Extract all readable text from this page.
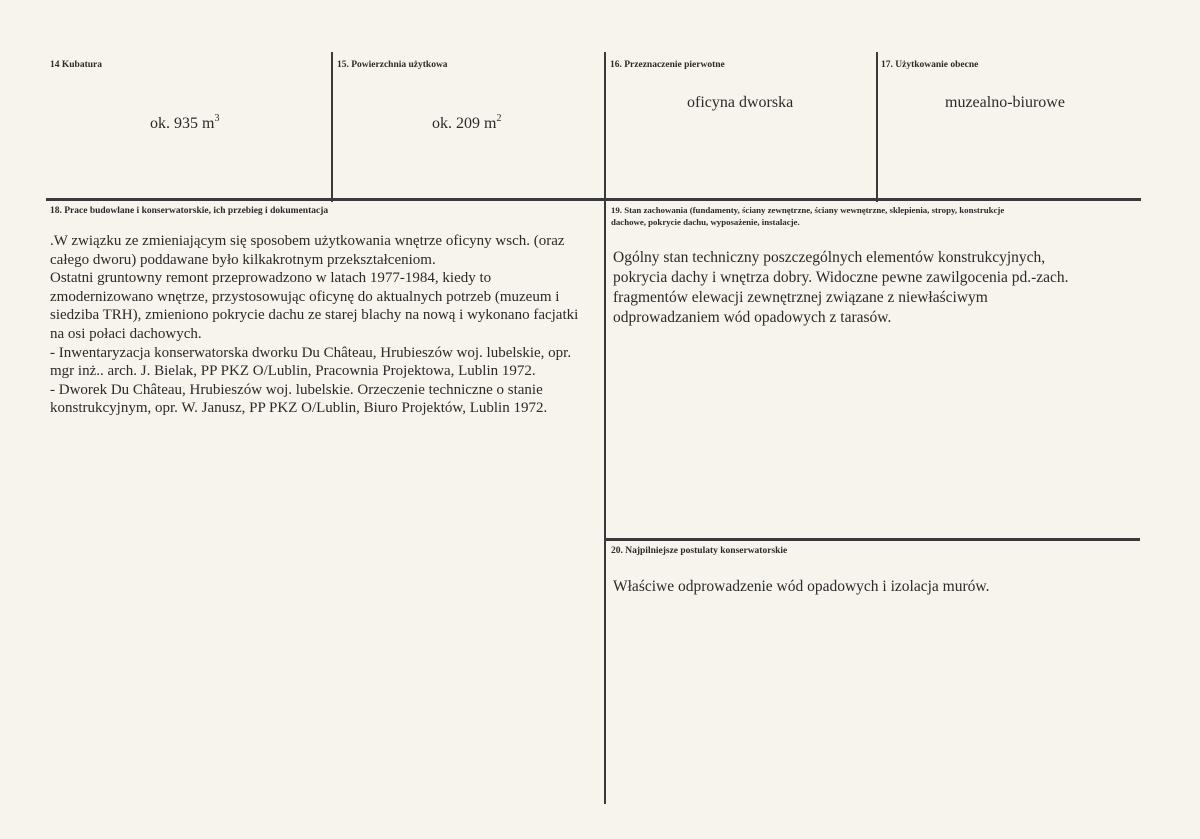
14 Kubatura
ok. 935 $m^3$
15. Powierzchnia użytkowa
ok. 209 $m^2$
16. Przeznaczenie pierwotne
oficyna dworska
17. Użytkowanie obecne
muzealno-biurowe
18. Prace budowlane i konserwatorskie, ich przebieg i dokumentacja
.W związku ze zmieniającym się sposobem użytkowania wnętrze oficyny wsch. (oraz
całego dworu) poddawane było kilkakrotnym przekształceniom.
Ostatni gruntowny remont przeprowadzono w latach 1977-1984, kiedy to
zmodernizowano wnętrze, przystosowując oficynę do aktualnych potrzeb (muzeum i
siedziba TRH), zmieniono pokrycie dachu ze starej blachy na nową i wykonano facjatki
na osi połaci dachowych.
- Inwentaryzacja konserwatorska dworku Du Château, Hrubieszów woj. lubelskie, opr.
mgr inż.. arch. J. Bielak, PP PKZ O/Lublin, Pracownia Projektowa, Lublin 1972.
- Dworek Du Château, Hrubieszów woj. lubelskie. Orzeczenie techniczne o stanie
konstrukcyjnym, opr. W. Janusz, PP PKZ O/Lublin, Biuro Projektów, Lublin 1972.
19. Stan zachowania (fundamenty, ściany zewnętrzne, ściany wewnętrzne, sklepienia, stropy, konstrukcje
dachowe, pokrycie dachu, wyposażenie, instalacje.
Ogólny stan techniczny poszczególnych elementów konstrukcyjnych,
pokrycia dachy i wnętrza dobry. Widoczne pewne zawilgocenia pd.-zach.
fragmentów elewacji zewnętrznej związane z niewłaściwym
odprowadzaniem wód opadowych z tarasów.
20. Najpilniejsze postulaty konserwatorskie
Właściwe odprowadzenie wód opadowych i izolacja murów.
